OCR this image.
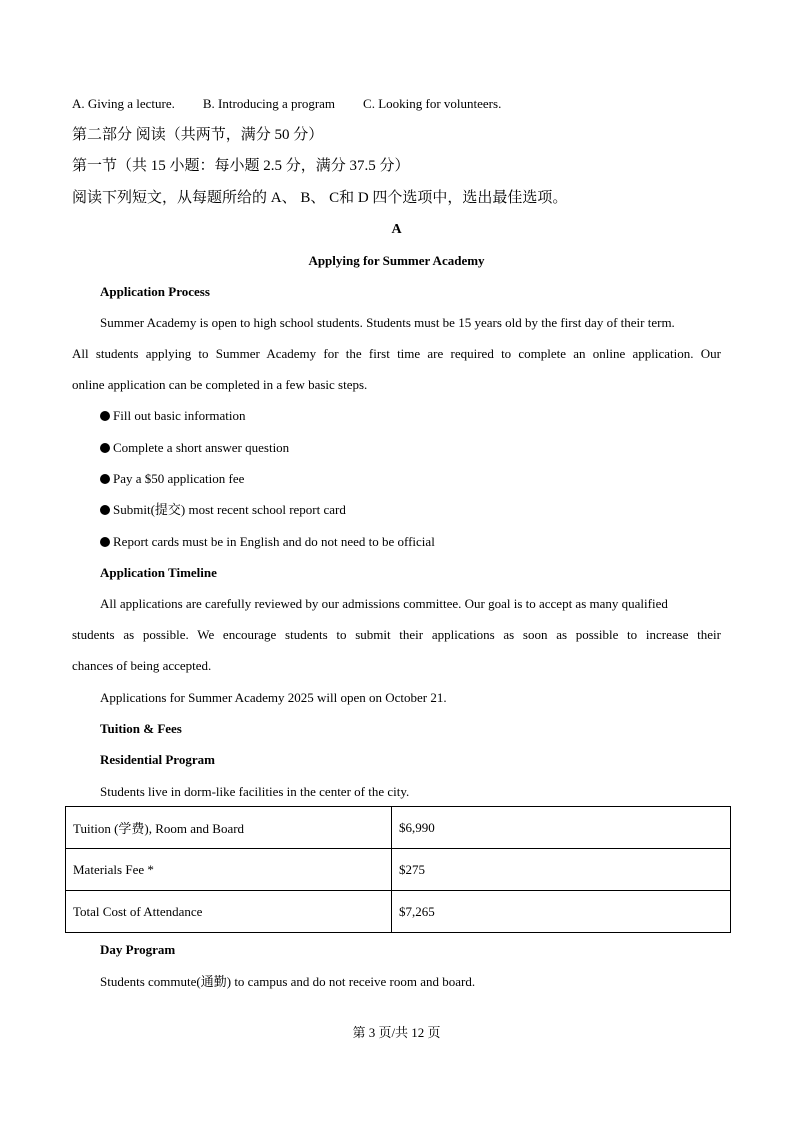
A. Giving a lecture. B. Introducing a program C. Looking for volunteers.
第二部分 阅读（共两节，满分 50 分）
第一节（共 15 小题：每小题 2.5 分，满分 37.5 分）
阅读下列短文，从每题所给的 A、 B、 C和 D 四个选项中，选出最佳选项。
A
Applying for Summer Academy
Application Process
Summer Academy is open to high school students. Students must be 15 years old by the first day of their term.
All students applying to Summer Academy for the first time are required to complete an online application. Our
online application can be completed in a few basic steps.
Fill out basic information
Complete a short answer question
Pay a $50 application fee
Submit(提交) most recent school report card
Report cards must be in English and do not need to be official
Application Timeline
All applications are carefully reviewed by our admissions committee. Our goal is to accept as many qualified
students as possible. We encourage students to submit their applications as soon as possible to increase their
chances of being accepted.
Applications for Summer Academy 2025 will open on October 21.
Tuition & Fees
Residential Program
Students live in dorm-like facilities in the center of the city.
Tuition (学费), Room and Board	$6,990
Materials Fee *	$275
Total Cost of Attendance	$7,265
Day Program
Students commute(通勤) to campus and do not receive room and board.
第 3 页/共 12 页
